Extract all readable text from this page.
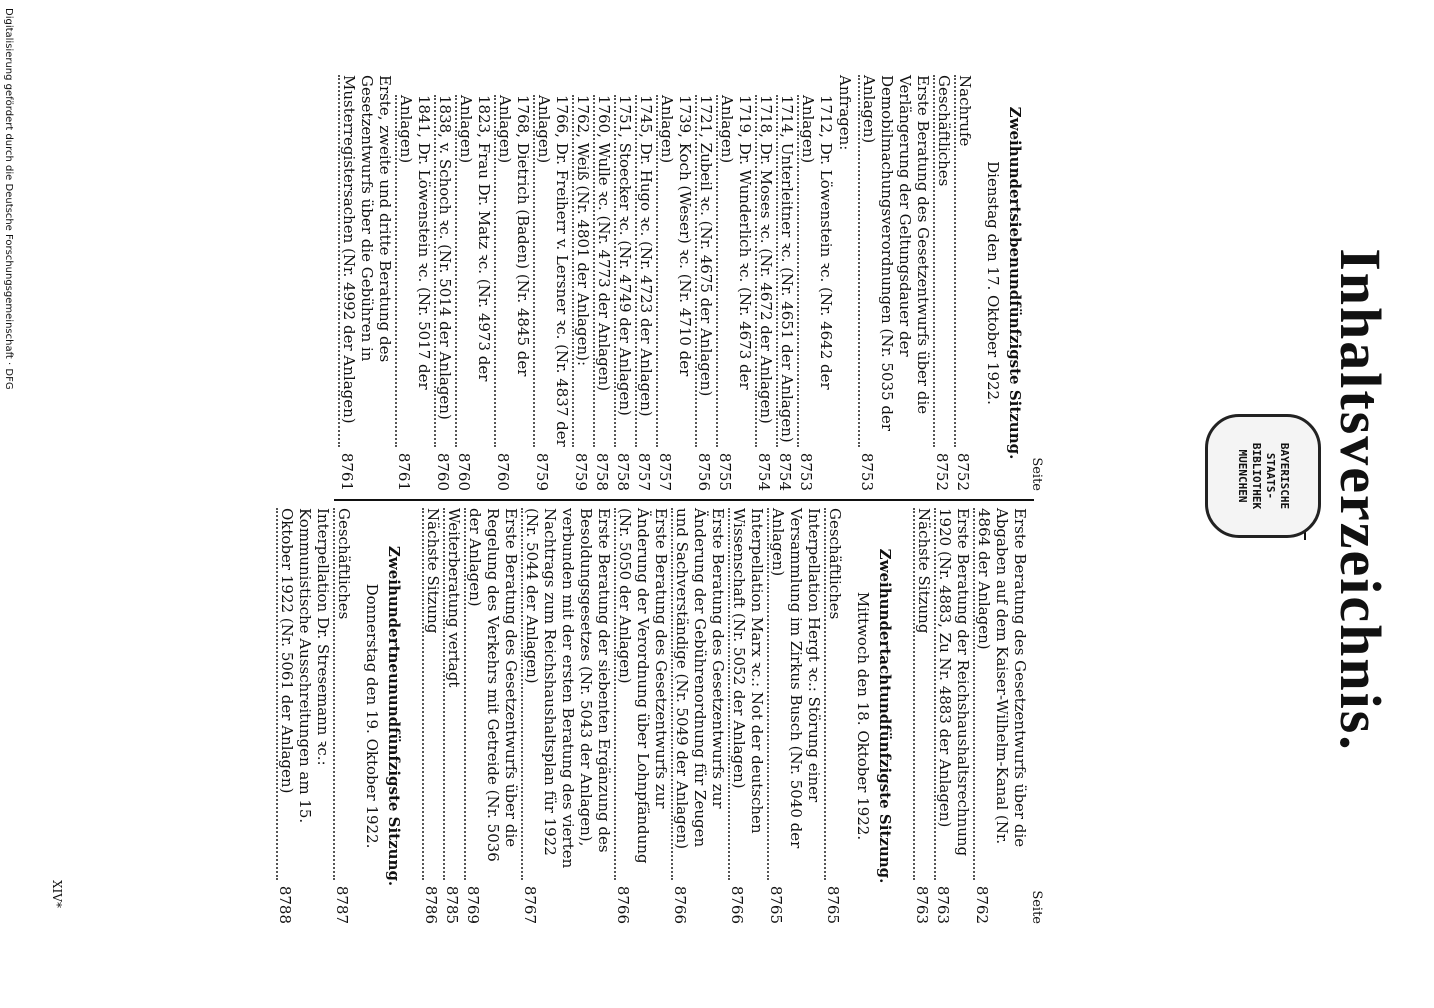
Inhaltsverzeichnis.
BAYERISCHE
STAATS-
BIBLIOTHEK
MUENCHEN
Seite
Zweihundertsiebenundfünfzigste Sitzung.
Dienstag den 17. Oktober 1922.
Nachrufe
8752
Geschäftliches
8752
Erste Beratung des Gesetzentwurfs über die Verlängerung der Geltungsdauer der Demobilmachungsverordnungen (Nr. 5035 der Anlagen)
8753
Anfragen:
1712, Dr. Löwenstein ꝛc. (Nr. 4642 der Anlagen)
8753
1714, Unterleitner ꝛc. (Nr. 4651 der Anlagen)
8754
1718, Dr. Moses ꝛc. (Nr. 4672 der Anlagen)
8754
1719, Dr. Wunderlich ꝛc. (Nr. 4673 der Anlagen)
8755
1721, Zubeil ꝛc. (Nr. 4675 der Anlagen)
8756
1739, Koch (Weser) ꝛc. (Nr. 4710 der Anlagen)
8757
1745, Dr. Hugo ꝛc. (Nr. 4723 der Anlagen)
8757
1751, Stoecker ꝛc. (Nr. 4749 der Anlagen)
8758
1760, Wulle ꝛc. (Nr. 4773 der Anlagen)
8758
1762, Weiß (Nr. 4801 der Anlagen):
8759
1766, Dr. Freiherr v. Lersner ꝛc. (Nr. 4837 der Anlagen)
8759
1768, Dietrich (Baden) (Nr. 4845 der Anlagen)
8760
1823, Frau Dr. Matz ꝛc. (Nr. 4973 der Anlagen)
8760
1838, v. Schoch ꝛc. (Nr. 5014 der Anlagen)
8760
1841, Dr. Löwenstein ꝛc. (Nr. 5017 der Anlagen)
8761
Erste, zweite und dritte Beratung des Gesetzentwurfs über die Gebühren in Musterregistersachen (Nr. 4992 der Anlagen)
8761
Seite
Erste Beratung des Gesetzentwurfs über die Abgaben auf dem Kaiser-Wilhelm-Kanal (Nr. 4864 der Anlagen)
8762
Erste Beratung der Reichshaushaltsrechnung 1920 (Nr. 4883, Zu Nr. 4883 der Anlagen)
8763
Nächste Sitzung
8763
Zweihundertachtundfünfzigste Sitzung.
Mittwoch den 18. Oktober 1922.
Geschäftliches
8765
Interpellation Hergt ꝛc.: Störung einer Versammlung im Zirkus Busch (Nr. 5040 der Anlagen)
8765
Interpellation Marx ꝛc.: Not der deutschen Wissenschaft (Nr. 5052 der Anlagen)
8766
Erste Beratung des Gesetzentwurfs zur Änderung der Gebührenordnung für Zeugen und Sachverständige (Nr. 5049 der Anlagen)
8766
Erste Beratung des Gesetzentwurfs zur Änderung der Verordnung über Lohnpfändung (Nr. 5050 der Anlagen)
8766
Erste Beratung der siebenten Ergänzung des Besoldungsgesetzes (Nr. 5043 der Anlagen), verbunden mit der ersten Beratung des vierten Nachtrags zum Reichshaushaltsplan für 1922 (Nr. 5044 der Anlagen)
8767
Erste Beratung des Gesetzentwurfs über die Regelung des Verkehrs mit Getreide (Nr. 5036 der Anlagen)
8769
Weiterberatung vertagt
8785
Nächste Sitzung
8786
Zweihundertneunundfünfzigste Sitzung.
Donnerstag den 19. Oktober 1922.
Geschäftliches
8787
Interpellation Dr. Stresemann ꝛc.: Kommunistische Ausschreitungen am 15. Oktober 1922 (Nr. 5061 der Anlagen)
8788
XIV*
Digitalisierung gefördert durch die Deutsche Forschungsgemeinschaft · DFG
